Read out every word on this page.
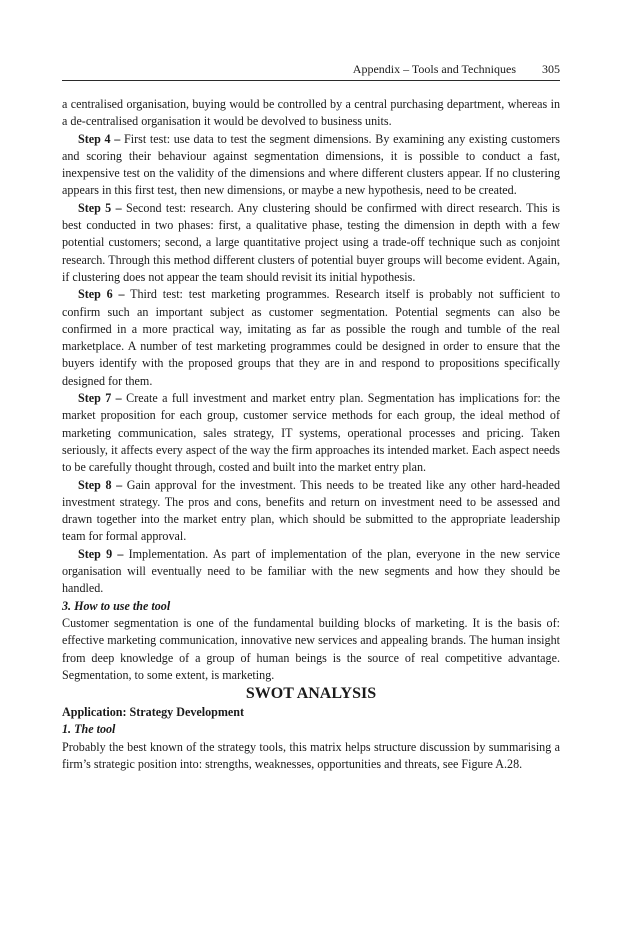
Appendix – Tools and Techniques 305

a centralised organisation, buying would be controlled by a central purchasing department, whereas in a de-centralised organisation it would be devolved to business units.

Step 4 – First test: use data to test the segment dimensions. By examining any existing customers and scoring their behaviour against segmentation dimensions, it is possible to conduct a fast, inexpensive test on the validity of the dimensions and where different clusters appear. If no clustering appears in this first test, then new dimensions, or maybe a new hypothesis, need to be created.

Step 5 – Second test: research. Any clustering should be confirmed with direct research. This is best conducted in two phases: first, a qualitative phase, testing the dimension in depth with a few potential customers; second, a large quantitative project using a trade-off technique such as conjoint research. Through this method different clusters of potential buyer groups will become evident. Again, if clustering does not appear the team should revisit its initial hypothesis.

Step 6 – Third test: test marketing programmes. Research itself is probably not sufficient to confirm such an important subject as customer segmentation. Potential segments can also be confirmed in a more practical way, imitating as far as possible the rough and tumble of the real marketplace. A number of test marketing programmes could be designed in order to ensure that the buyers identify with the proposed groups that they are in and respond to propositions specifically designed for them.

Step 7 – Create a full investment and market entry plan. Segmentation has implications for: the market proposition for each group, customer service methods for each group, the ideal method of marketing communication, sales strategy, IT systems, operational processes and pricing. Taken seriously, it affects every aspect of the way the firm approaches its intended market. Each aspect needs to be carefully thought through, costed and built into the market entry plan.

Step 8 – Gain approval for the investment. This needs to be treated like any other hard-headed investment strategy. The pros and cons, benefits and return on investment need to be assessed and drawn together into the market entry plan, which should be submitted to the appropriate leadership team for formal approval.

Step 9 – Implementation. As part of implementation of the plan, everyone in the new service organisation will eventually need to be familiar with the new segments and how they should be handled.

3. How to use the tool

Customer segmentation is one of the fundamental building blocks of marketing. It is the basis of: effective marketing communication, innovative new services and appealing brands. The human insight from deep knowledge of a group of human beings is the source of real competitive advantage. Segmentation, to some extent, is marketing.

SWOT ANALYSIS

Application: Strategy Development

1. The tool

Probably the best known of the strategy tools, this matrix helps structure discussion by summarising a firm’s strategic position into: strengths, weaknesses, opportunities and threats, see Figure A.28.
